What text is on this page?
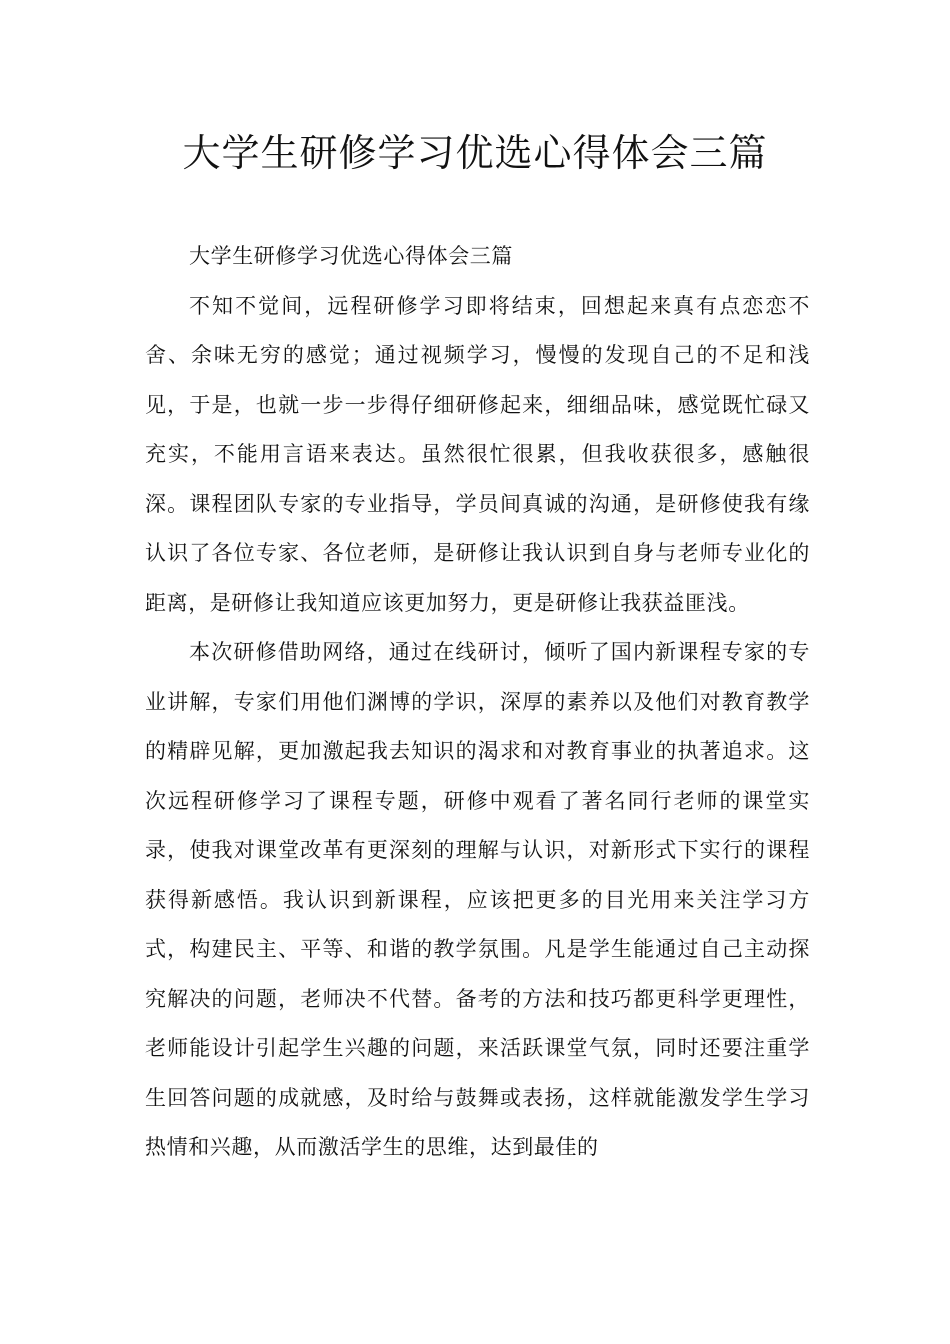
大学生研修学习优选心得体会三篇

大学生研修学习优选心得体会三篇

不知不觉间，远程研修学习即将结束，回想起来真有点恋恋不舍、余味无穷的感觉；通过视频学习，慢慢的发现自己的不足和浅见，于是，也就一步一步得仔细研修起来，细细品味，感觉既忙碌又充实，不能用言语来表达。虽然很忙很累，但我收获很多，感触很深。课程团队专家的专业指导，学员间真诚的沟通，是研修使我有缘认识了各位专家、各位老师，是研修让我认识到自身与老师专业化的距离，是研修让我知道应该更加努力，更是研修让我获益匪浅。

本次研修借助网络，通过在线研讨，倾听了国内新课程专家的专业讲解，专家们用他们渊博的学识，深厚的素养以及他们对教育教学的精辟见解，更加激起我去知识的渴求和对教育事业的执著追求。这次远程研修学习了课程专题，研修中观看了著名同行老师的课堂实录，使我对课堂改革有更深刻的理解与认识，对新形式下实行的课程获得新感悟。我认识到新课程，应该把更多的目光用来关注学习方式，构建民主、平等、和谐的教学氛围。凡是学生能通过自己主动探究解决的问题，老师决不代替。备考的方法和技巧都更科学更理性，老师能设计引起学生兴趣的问题，来活跃课堂气氛，同时还要注重学生回答问题的成就感，及时给与鼓舞或表扬，这样就能激发学生学习热情和兴趣，从而激活学生的思维，达到最佳的
